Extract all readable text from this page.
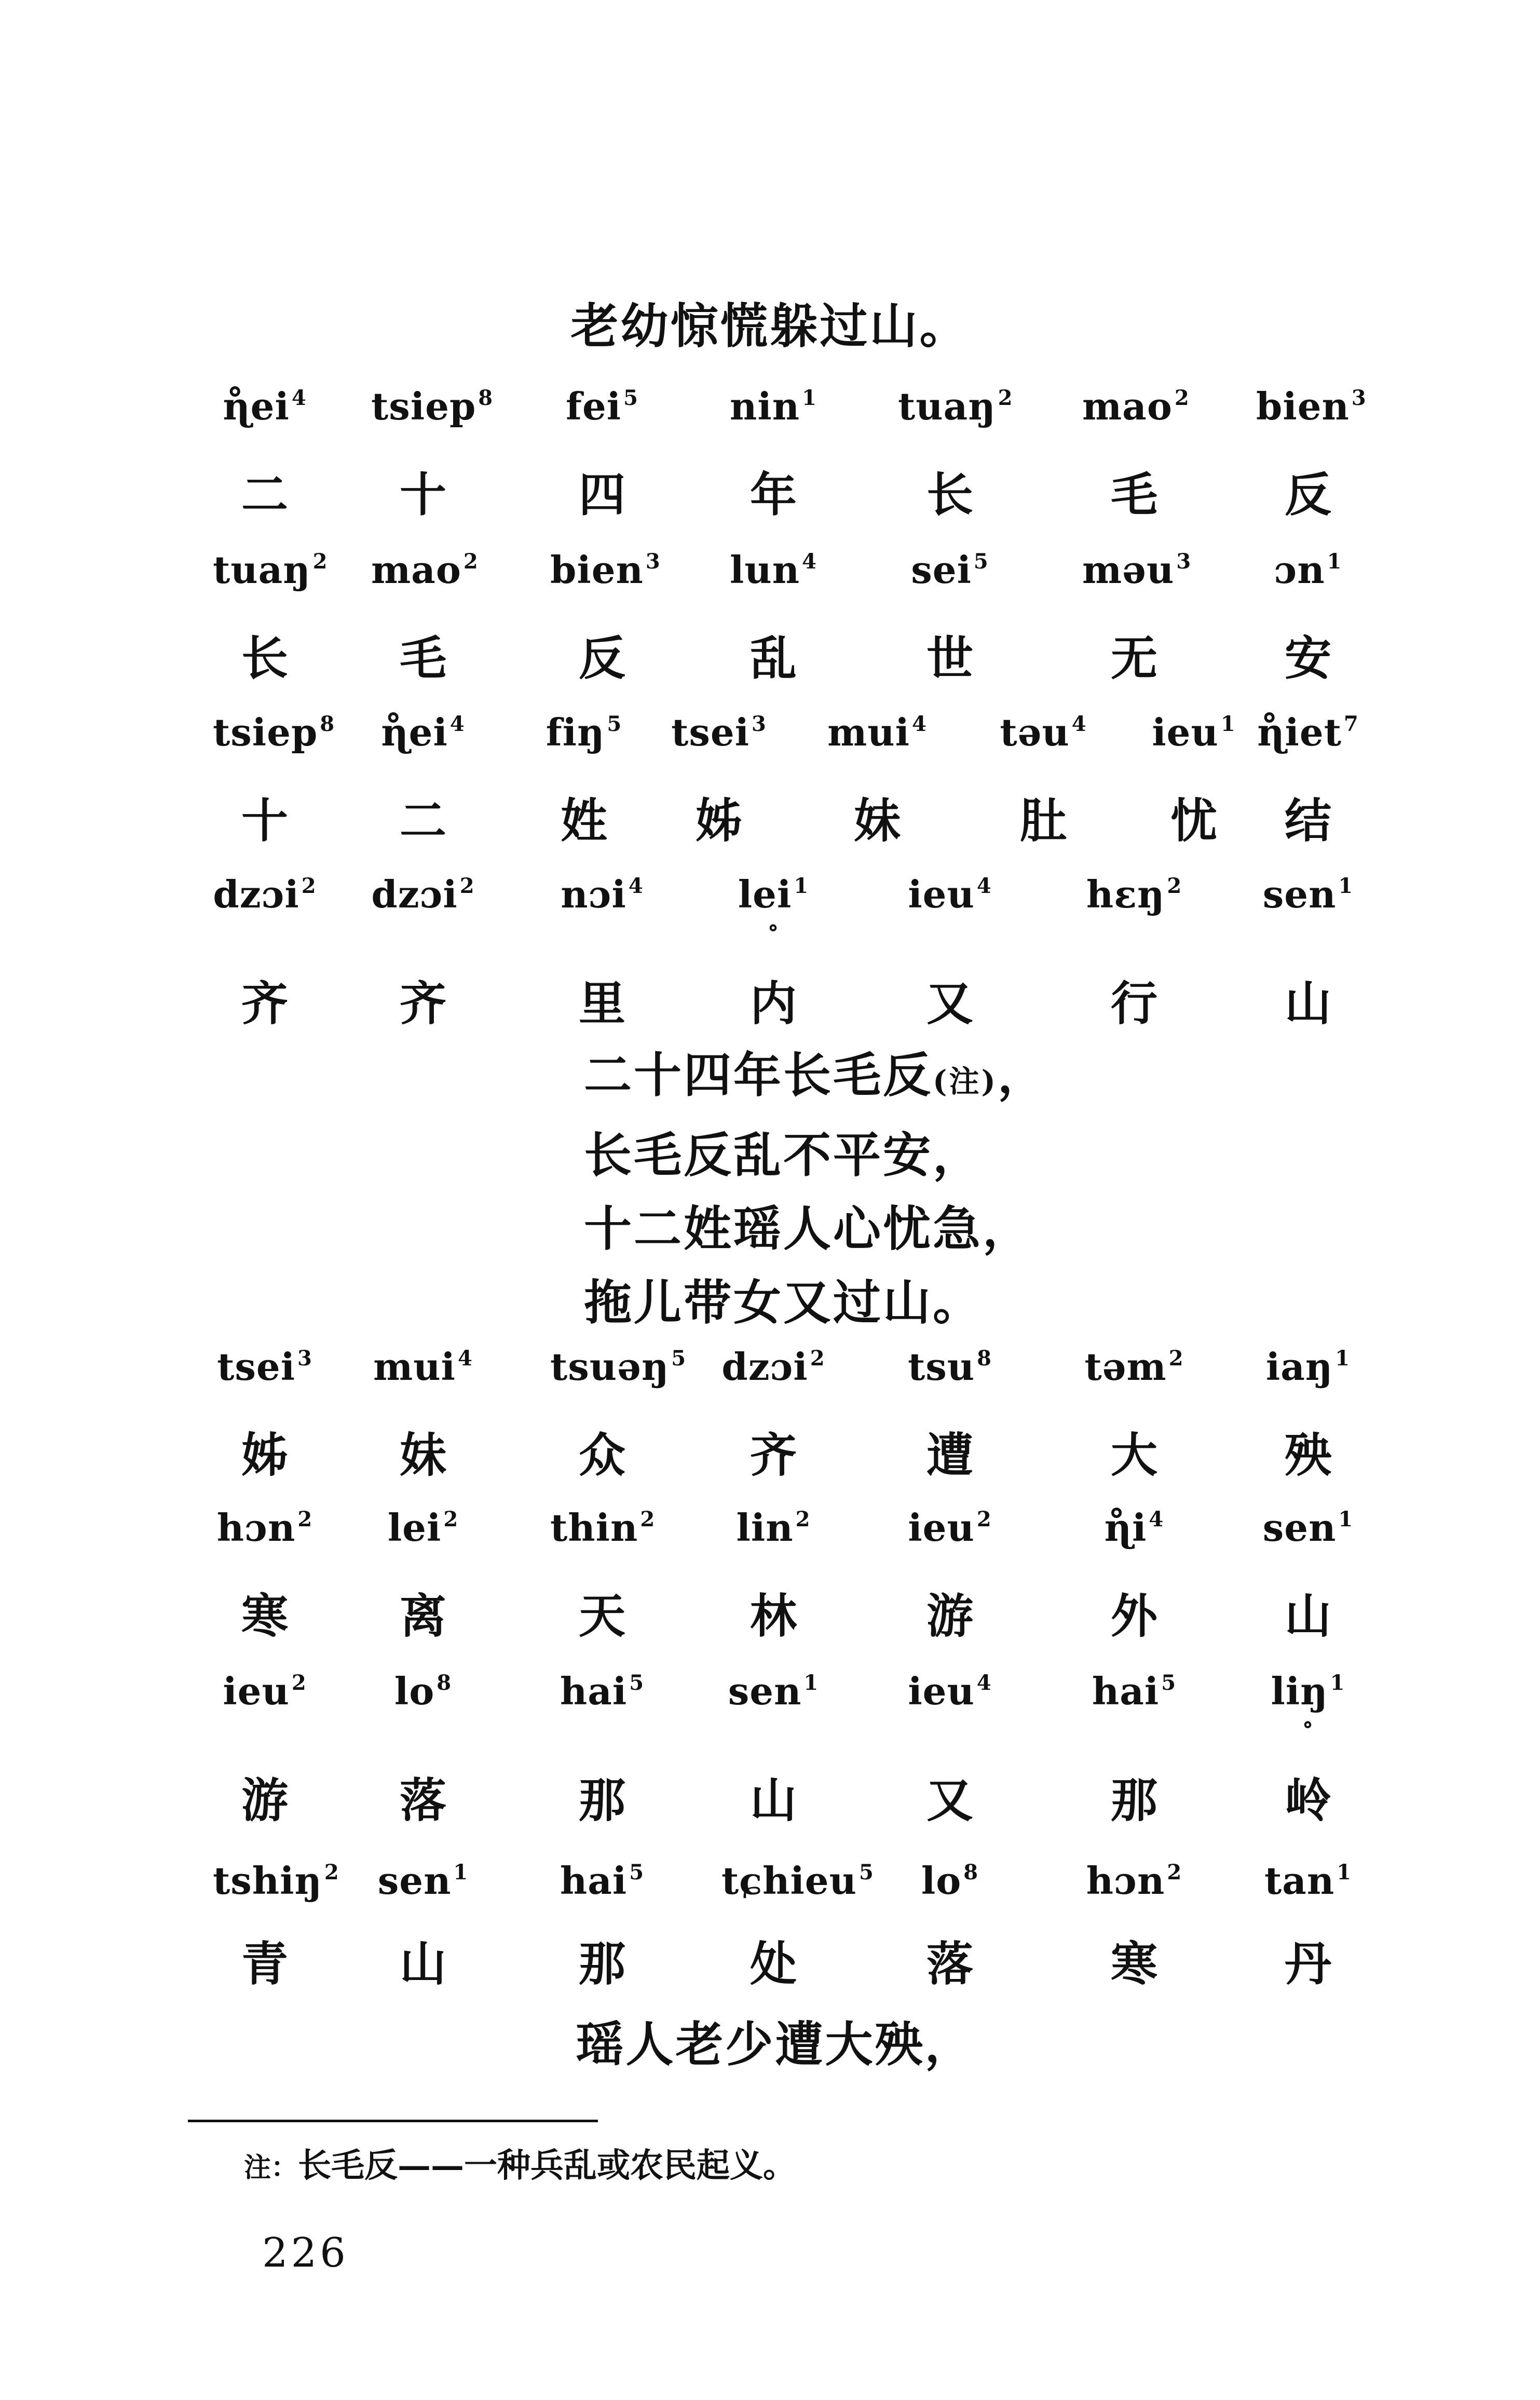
老幼惊慌躲过山。
ɳ̊ei $^4$
二
tsiep $^8$
十
fei $^5$
四
nin $^1$
年
tuaŋ $^2$
长
mao $^2$
毛
bien $^3$
反
tuaŋ $^2$
长
mao $^2$
毛
bien $^3$
反
lun $^4$
乱
sei $^5$
世
məu $^3$
无
ɔn $^1$
安
tsiep $^8$
十
ɳ̊ei $^4$
二
fiŋ $^5$
姓
tsei $^3$
姊
mui $^4$
妹
təu $^4$
肚
ieu $^1$
忧
ɳ̊iet $^7$
结
dzɔi $^2$
齐
dzɔi $^2$
齐
nɔi $^4$
里
lei $^1$
∘
内
ieu $^4$
又
hɛŋ $^2$
行
sen $^1$
山
二十四年长毛反(注)，
长毛反乱不平安，
十二姓瑶人心忧急，
拖儿带女又过山。
tsei $^3$
姊
mui $^4$
妹
tsuəŋ $^5$
众
dzɔi $^2$
齐
tsu $^8$
遭
təm $^2$
大
iaŋ $^1$
殃
hɔn $^2$
寒
lei $^2$
离
thin $^2$
天
lin $^2$
林
ieu $^2$
游
ɳ̊i $^4$
外
sen $^1$
山
ieu $^2$
游
lo $^8$
落
hai $^5$
那
sen $^1$
山
ieu $^4$
又
hai $^5$
那
liŋ $^1$
∘
岭
tshiŋ $^2$
青
sen $^1$
山
hai $^5$
那
tɕhieu $^5$
处
lo $^8$
落
hɔn $^2$
寒
tan $^1$
丹
瑶人老少遭大殃，
注：长毛反——一种兵乱或农民起义。
226
